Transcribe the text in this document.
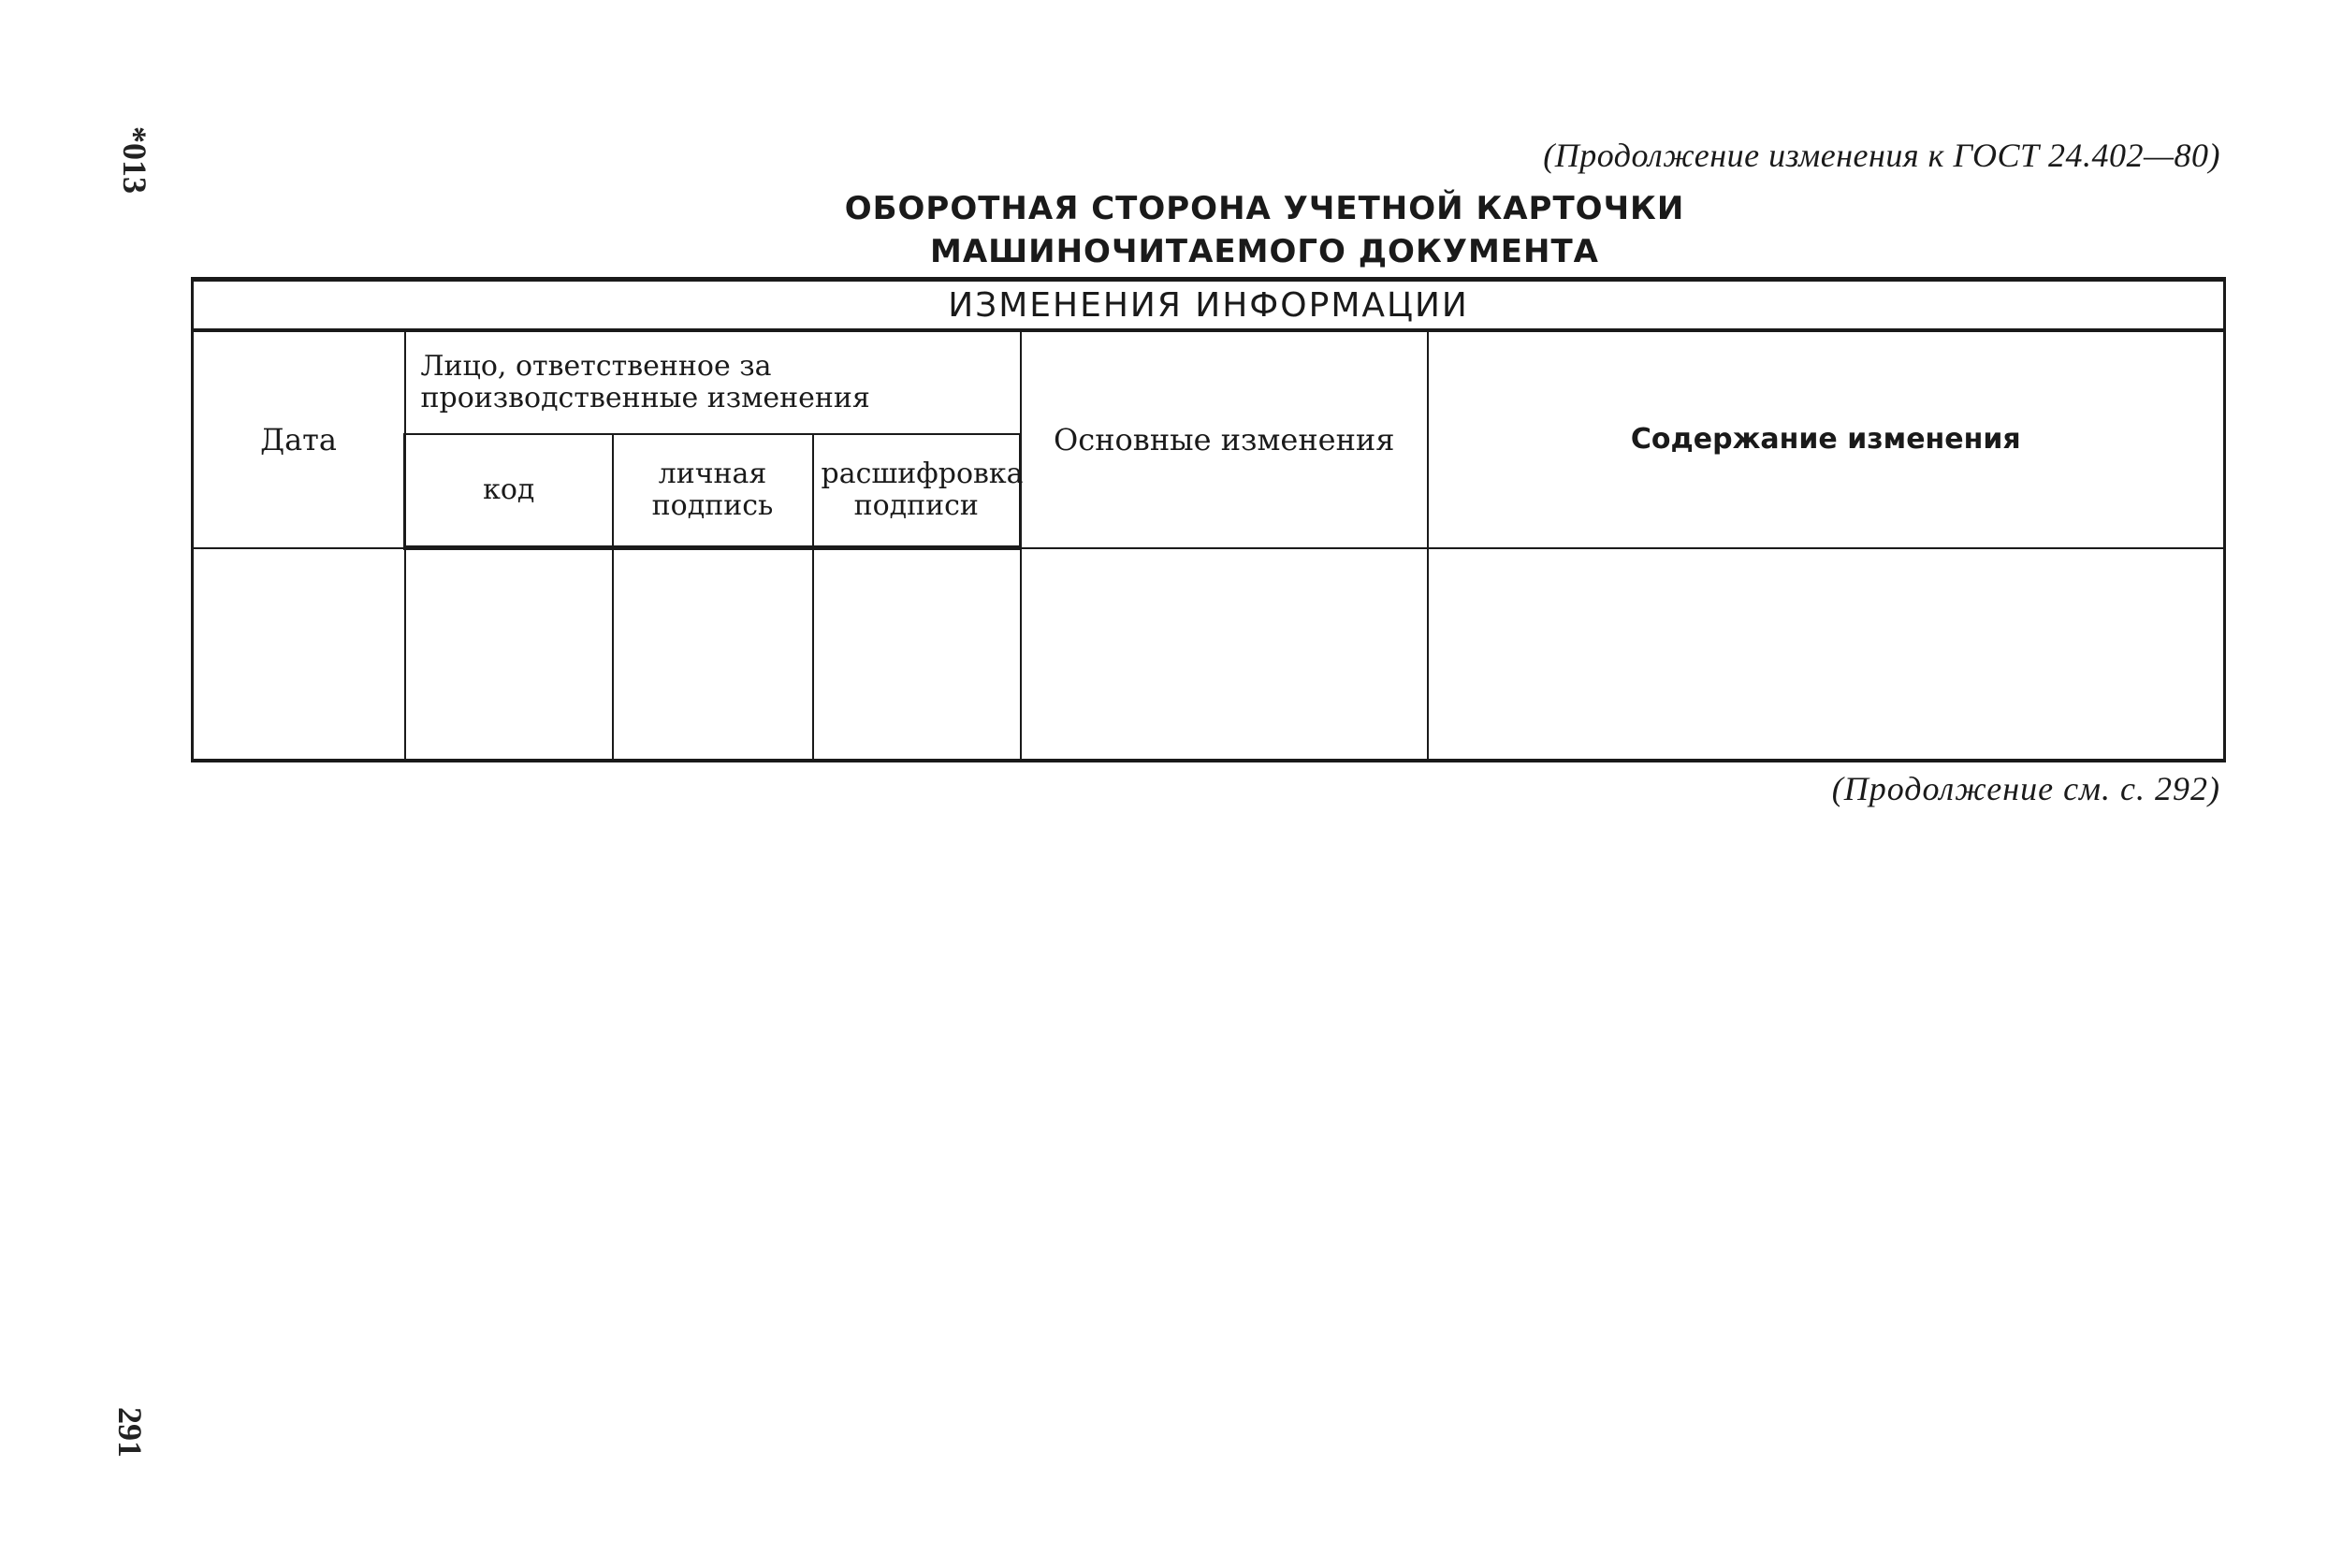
*013	(Продолжение изменения к ГОСТ 24.402—80)
ОБОРОТНАЯ СТОРОНА УЧЕТНОЙ КАРТОЧКИ
МАШИНОЧИТАЕМОГО ДОКУМЕНТА
ИЗМЕНЕНИЯ ИНФОРМАЦИИ					
Дата	Лицо, ответственное за производственные изменения			Основные изменения	Содержание изменения
	код	личная подпись	расшифровка подписи		

(Продолжение см. с. 292)
291
